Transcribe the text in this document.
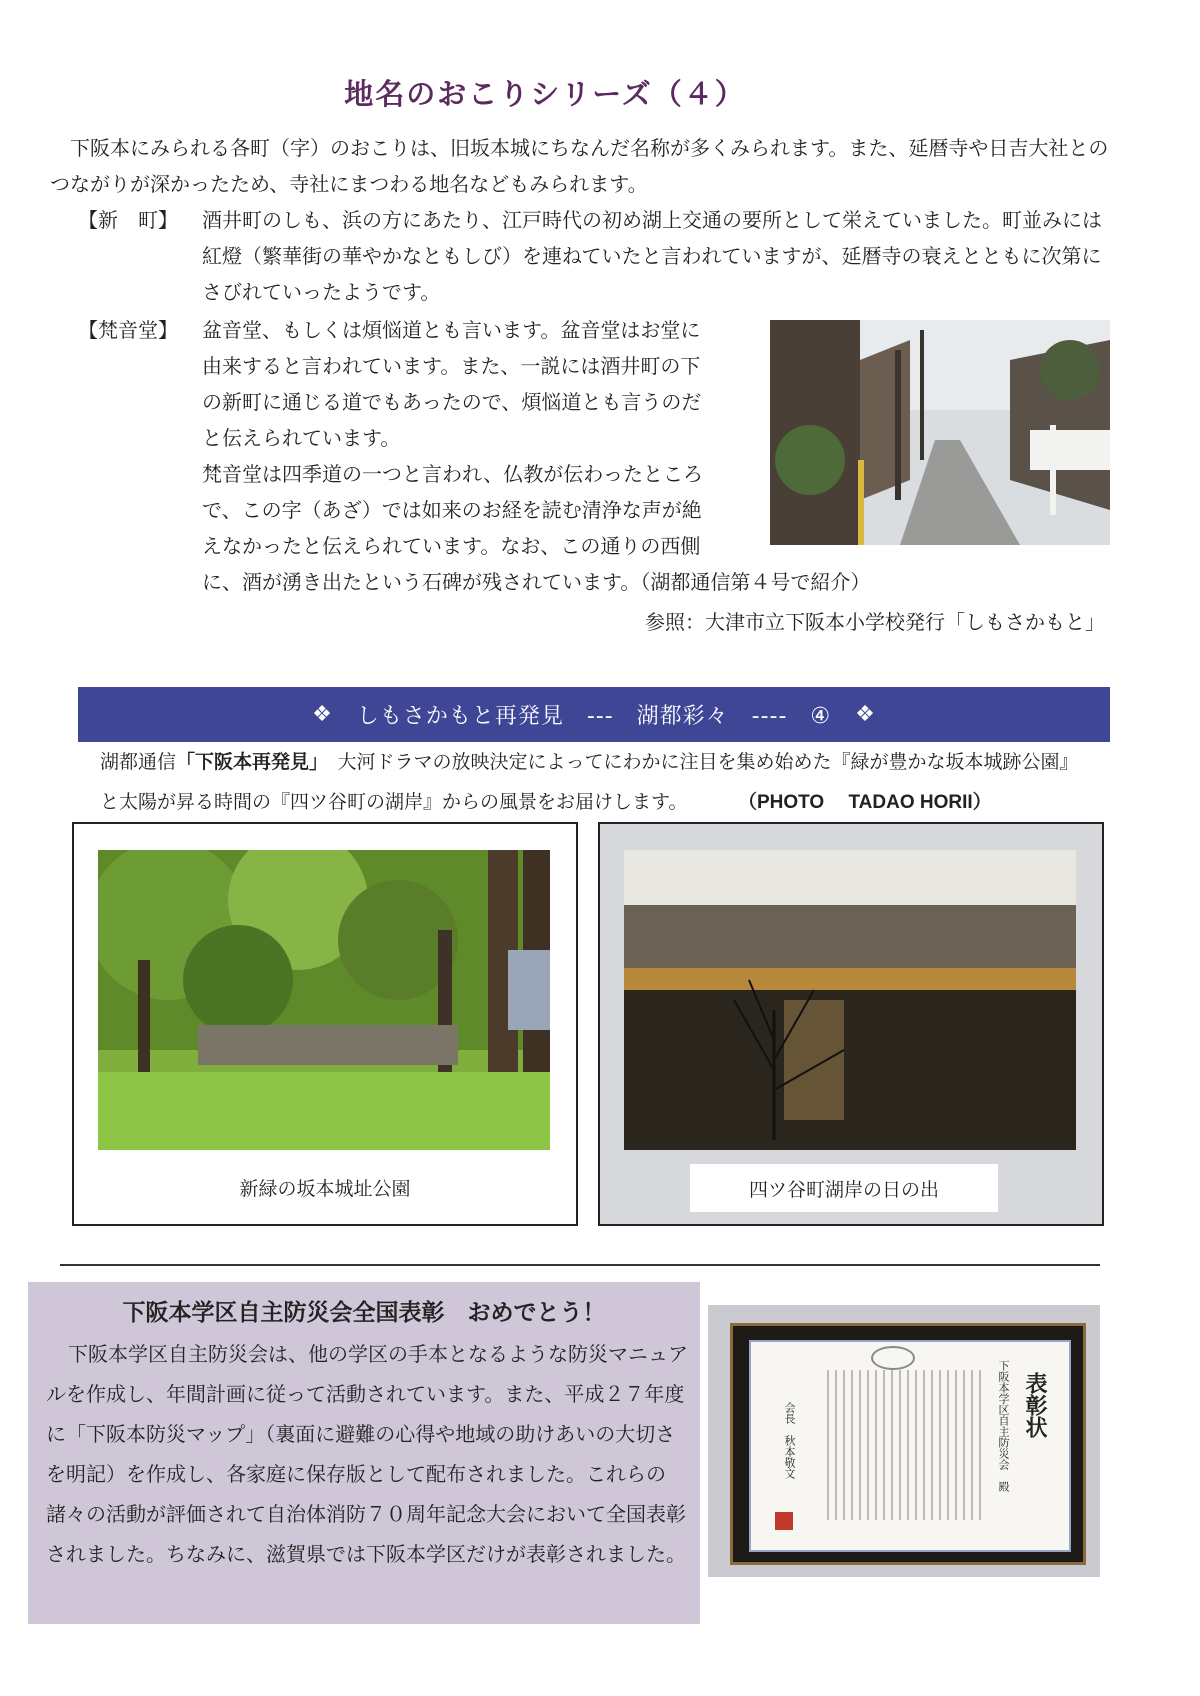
地名のおこりシリーズ（４）
下阪本にみられる各町（字）のおこりは、旧坂本城にちなんだ名称が多くみられます。また、延暦寺や日吉大社とのつながりが深かったため、寺社にまつわる地名などもみられます。
【新　町】	酒井町のしも、浜の方にあたり、江戸時代の初め湖上交通の要所として栄えていました。町並みには紅燈（繁華街の華やかなともしび）を連ねていたと言われていますが、延暦寺の衰えとともに次第にさびれていったようです。
【梵音堂】	盆音堂、もしくは煩悩道とも言います。盆音堂はお堂に
由来すると言われています。また、一説には酒井町の下
の新町に通じる道でもあったので、煩悩道とも言うのだ
と伝えられています。
梵音堂は四季道の一つと言われ、仏教が伝わったところ
で、この字（あざ）では如来のお経を読む清浄な声が絶
えなかったと伝えられています。なお、この通りの西側
に、酒が湧き出たという石碑が残されています。（湖都通信第４号で紹介）
参照：大津市立下阪本小学校発行「しもさかもと」
❖ しもさかもと再発見　---　湖都彩々　----　④ ❖
湖都通信「下阪本再発見」　大河ドラマの放映決定によってにわかに注目を集め始めた『緑が豊かな坂本城跡公園』
と太陽が昇る時間の『四ツ谷町の湖岸』からの風景をお届けします。	（PHOTO　 TADAO HORII）
新緑の坂本城址公園	四ツ谷町湖岸の日の出
下阪本学区自主防災会全国表彰　おめでとう！
下阪本学区自主防災会は、他の学区の手本となるような防災マニュアルを作成し、年間計画に従って活動されています。また、平成２７年度に「下阪本防災マップ」（裏面に避難の心得や地域の助けあいの大切さを明記）を作成し、各家庭に保存版として配布されました。これらの諸々の活動が評価されて自治体消防７０周年記念大会において全国表彰されました。ちなみに、滋賀県では下阪本学区だけが表彰されました。
表彰状
下阪本学区自主防災会　殿
会長　秋本敬文
